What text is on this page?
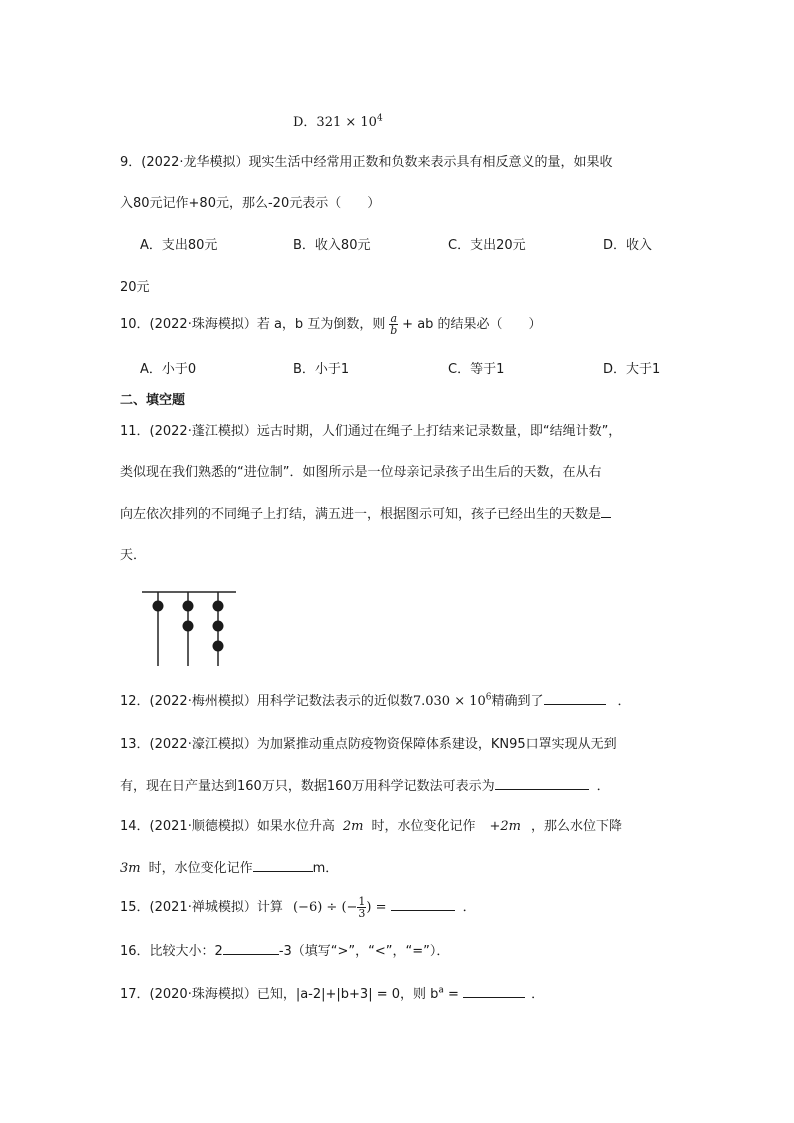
D．$321 \times 10^4$
9．(2022·龙华模拟）现实生活中经常用正数和负数来表示具有相反意义的量，如果收
入80元记作+80元，那么-20元表示（　　）
A．支出80元	B．收入80元	C．支出20元	D．收入
20元
10．(2022·珠海模拟）若 a，b 互为倒数，则 $\frac{a}{b}$ + ab 的结果必（　　）
A．小于0	B．小于1	C．等于1	D．大于1
二、填空题
11．(2022·蓬江模拟）远古时期，人们通过在绳子上打结来记录数量，即“结绳计数”，
类似现在我们熟悉的“进位制”．如图所示是一位母亲记录孩子出生后的天数，在从右
向左依次排列的不同绳子上打结，满五进一，根据图示可知，孩子已经出生的天数是
天．
12．(2022·梅州模拟）用科学记数法表示的近似数$7.030 \times 10^6$精确到了	．
13．(2022·濠江模拟）为加紧推动重点防疫物资保障体系建设，KN95口罩实现从无到
有，现在日产量达到160万只，数据160万用科学记数法可表示为	．
14．(2021·顺德模拟）如果水位升高 2m 时，水位变化记作 +2m ，那么水位下降
3m 时，水位变化记作	m．
15．(2021·禅城模拟）计算 (−6) ÷ (− $\frac{1}{3}$ ) =	．
16．比较大小：2	-3（填写“>”，“<”，“=”）．
17．(2020·珠海模拟）已知，|a-2|+|b+3| = 0，则 $b^a$ =	．
